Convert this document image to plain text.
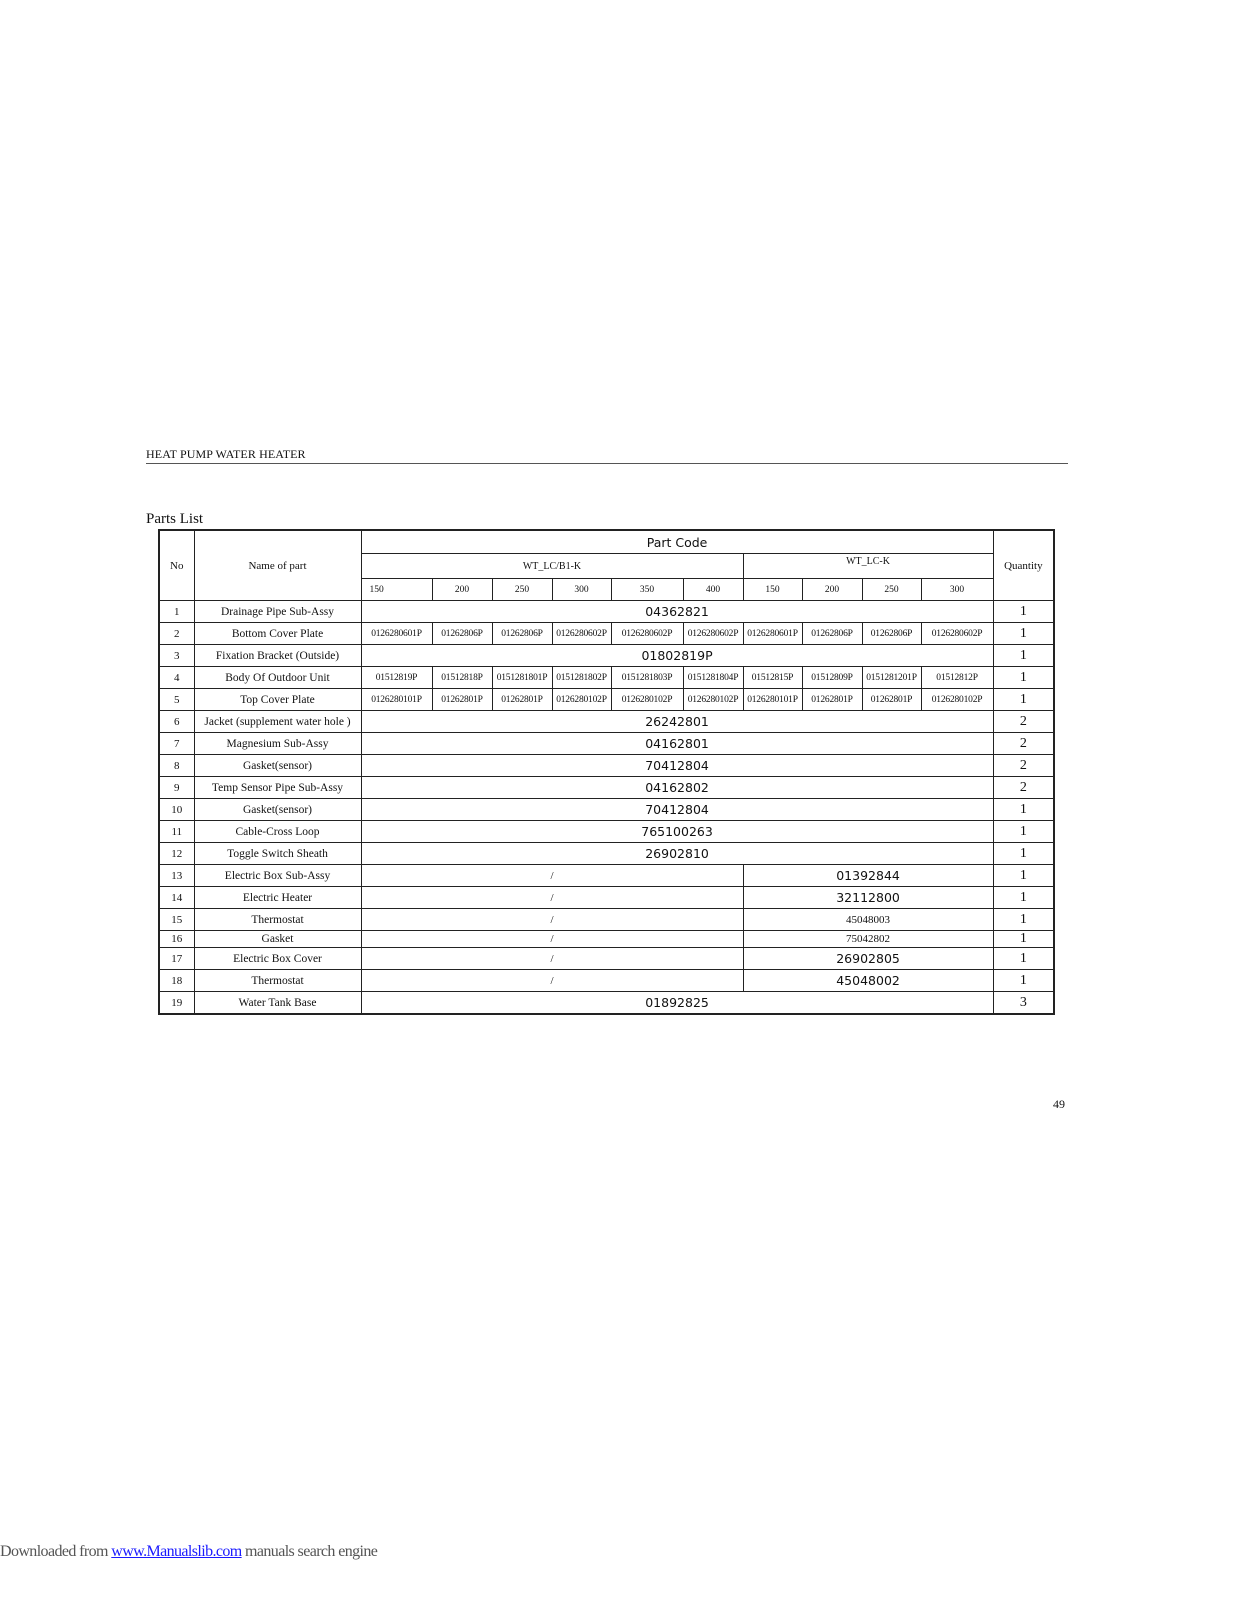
HEAT PUMP WATER HEATER
Parts List
No	Name of part	Part Code										Quantity
		WT_LC/B1-K						WT_LC-K				
		150	200	250	300	350	400	150	200	250	300	
1	Drainage Pipe Sub-Assy	04362821										1
2	Bottom Cover Plate	0126280601P	01262806P	01262806P	0126280602P	0126280602P	0126280602P	0126280601P	01262806P	01262806P	0126280602P	1
3	Fixation Bracket (Outside)	01802819P										1
4	Body Of Outdoor Unit	01512819P	01512818P	0151281801P	0151281802P	0151281803P	0151281804P	01512815P	01512809P	0151281201P	01512812P	1
5	Top Cover Plate	0126280101P	01262801P	01262801P	0126280102P	0126280102P	0126280102P	0126280101P	01262801P	01262801P	0126280102P	1
6	Jacket (supplement water hole )	26242801										2
7	Magnesium Sub-Assy	04162801										2
8	Gasket(sensor)	70412804										2
9	Temp Sensor Pipe Sub-Assy	04162802										2
10	Gasket(sensor)	70412804										1
11	Cable-Cross Loop	765100263										1
12	Toggle Switch Sheath	26902810										1
13	Electric Box Sub-Assy	/						01392844				1
14	Electric Heater	/						32112800				1
15	Thermostat	/						45048003				1
16	Gasket	/						75042802				1
17	Electric Box Cover	/						26902805				1
18	Thermostat	/						45048002				1
19	Water Tank Base	01892825										3
49
Downloaded from www.Manualslib.com manuals search engine
